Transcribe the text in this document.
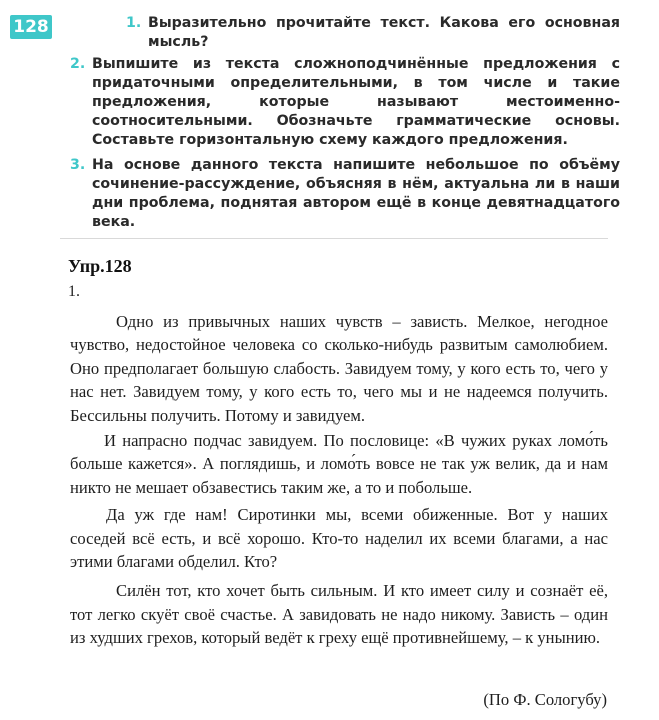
128	1. Выразительно прочитайте текст. Какова его основная мысль?
2. Выпишите из текста сложноподчинённые предложения с придаточными определительными, в том числе и такие предложения, которые называют местоименно-соотносительными. Обозначьте грамматические основы. Составьте горизонтальную схему каждого предложения.
3. На основе данного текста напишите небольшое по объёму сочинение-рассуждение, объясняя в нём, актуальна ли в наши дни проблема, поднятая автором ещё в конце девятнадцатого века.
Упр.128
1.

Одно из привычных наших чувств – зависть. Мелкое, негодное чувство, недостойное человека со сколько-нибудь развитым самолюбием. Оно предполагает большую слабость. Завидуем тому, у кого есть то, чего у нас нет. Завидуем тому, у кого есть то, чего мы и не надеемся получить. Бессильны получить. Потому и завидуем.

И напрасно подчас завидуем. По пословице: «В чужих руках ломо́ть больше кажется». А поглядишь, и ломо́ть вовсе не так уж велик, да и нам никто не мешает обзавестись таким же, а то и побольше.

Да уж где нам! Сиротинки мы, всеми обиженные. Вот у наших соседей всё есть, и всё хорошо. Кто-то наделил их всеми благами, а нас этими благами обделил. Кто?

Силён тот, кто хочет быть сильным. И кто имеет силу и сознаёт её, тот легко скуёт своё счастье. А завидовать не надо никому. Зависть – один из худших грехов, который ведёт к греху ещё противнейшему, – к унынию.

(По Ф. Сологубу)
